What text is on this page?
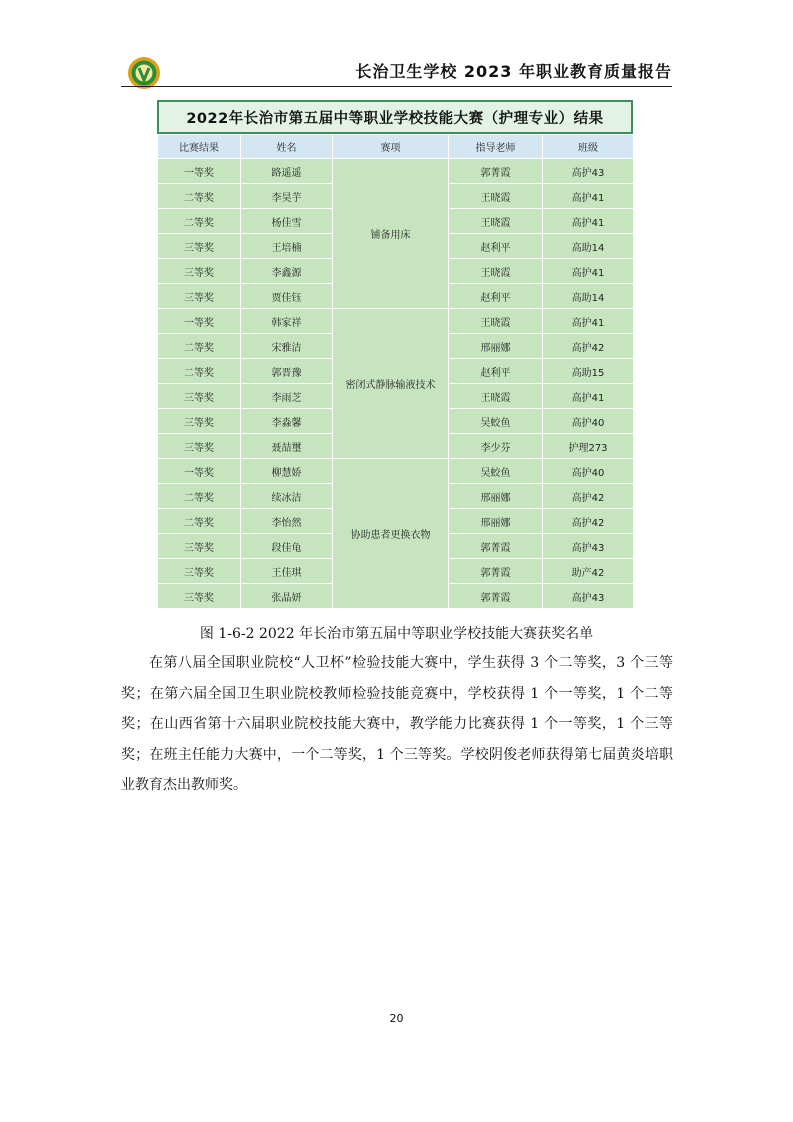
长治卫生学校 2023 年职业教育质量报告
2022年长治市第五届中等职业学校技能大赛（护理专业）结果
比赛结果	姓名	赛项	指导老师	班级
一等奖	路遥遥	铺备用床	郭菁霞	高护43
二等奖	李昊芋		王晓霞	高护41
二等奖	杨佳雪		王晓霞	高护41
三等奖	王培楠		赵利平	高助14
三等奖	李鑫源		王晓霞	高护41
三等奖	贾佳钰		赵利平	高助14
一等奖	韩家祥	密闭式静脉输液技术	王晓霞	高护41
二等奖	宋雅洁		邢丽娜	高护42
二等奖	郭晋豫		赵利平	高助15
三等奖	李雨芝		王晓霞	高护41
三等奖	李淼馨		吴蛟鱼	高护40
三等奖	聂喆璽		李少芬	护理273
一等奖	柳慧娇	协助患者更换衣物	吴蛟鱼	高护40
二等奖	续冰洁		邢丽娜	高护42
二等奖	李怡然		邢丽娜	高护42
三等奖	段佳龟		郭菁霞	高护43
三等奖	王佳琪		郭菁霞	助产42
三等奖	张晶妍		郭菁霞	高护43
图 1-6-2 2022 年长治市第五届中等职业学校技能大赛获奖名单
在第八届全国职业院校“人卫杯”检验技能大赛中，学生获得 3 个二等奖，3 个三等奖；在第六届全国卫生职业院校教师检验技能竞赛中，学校获得 1 个一等奖，1 个二等奖；在山西省第十六届职业院校技能大赛中，教学能力比赛获得 1 个一等奖，1 个三等奖；在班主任能力大赛中，一个二等奖，1 个三等奖。学校阴俊老师获得第七届黄炎培职业教育杰出教师奖。
20
